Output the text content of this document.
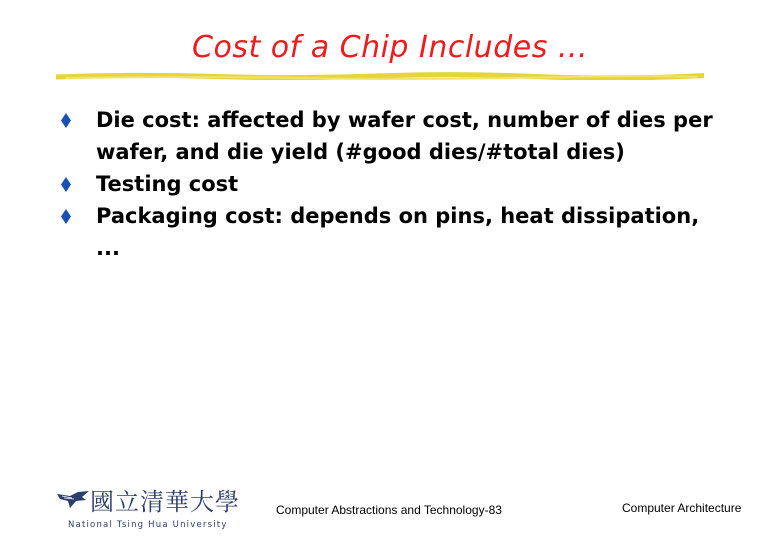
Cost of a Chip Includes ...
Die cost: affected by wafer cost, number of dies per
wafer, and die yield (#good dies/#total dies)
Testing cost
Packaging cost: depends on pins, heat dissipation,
...
國立清華大學
National Tsing Hua University
Computer Abstractions and Technology-83	Computer Architecture
